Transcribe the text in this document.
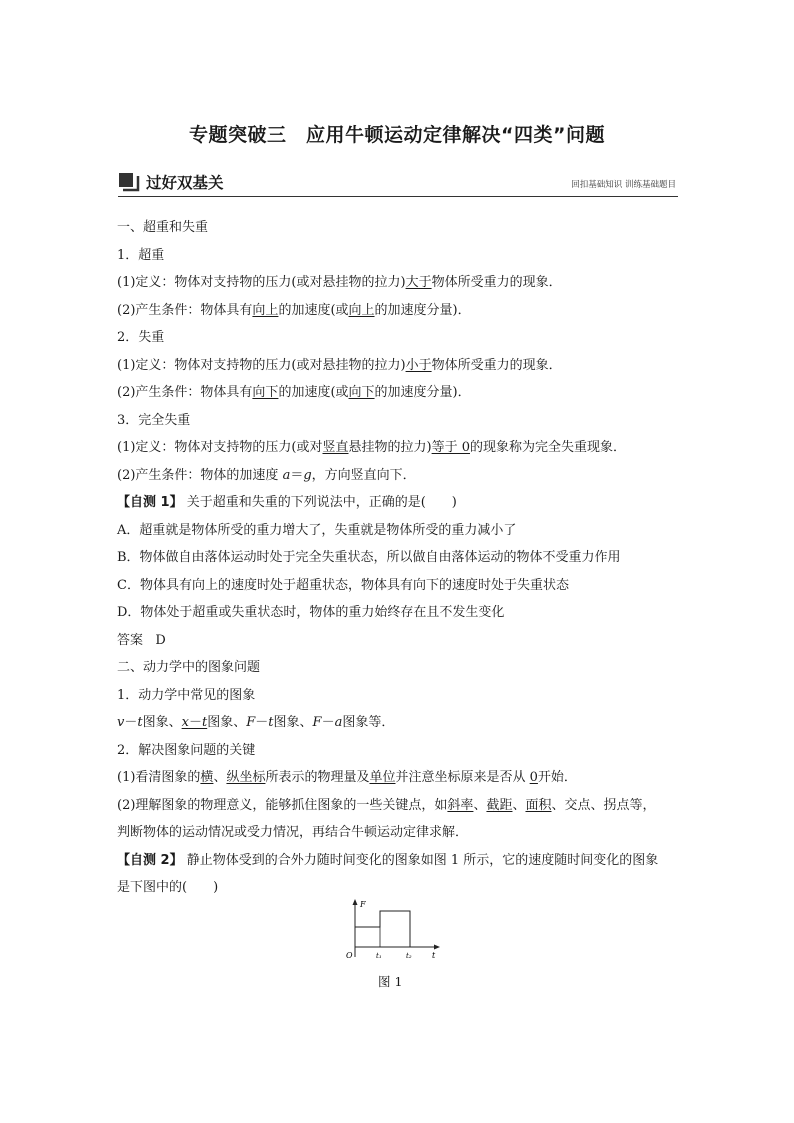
专题突破三　应用牛顿运动定律解决“四类”问题
过好双基关	回扣基础知识 训练基础题目
一、超重和失重
1．超重
(1)定义：物体对支持物的压力(或对悬挂物的拉力)大于物体所受重力的现象．
(2)产生条件：物体具有向上的加速度(或向上的加速度分量)．
2．失重
(1)定义：物体对支持物的压力(或对悬挂物的拉力)小于物体所受重力的现象．
(2)产生条件：物体具有向下的加速度(或向下的加速度分量)．
3．完全失重
(1)定义：物体对支持物的压力(或对竖直悬挂物的拉力)等于 0的现象称为完全失重现象．
(2)产生条件：物体的加速度 a＝g，方向竖直向下．
【自测 1】 关于超重和失重的下列说法中，正确的是(　　)
A．超重就是物体所受的重力增大了，失重就是物体所受的重力减小了
B．物体做自由落体运动时处于完全失重状态，所以做自由落体运动的物体不受重力作用
C．物体具有向上的速度时处于超重状态，物体具有向下的速度时处于失重状态
D．物体处于超重或失重状态时，物体的重力始终存在且不发生变化
答案 D
二、动力学中的图象问题
1．动力学中常见的图象
v－t图象、x－t图象、F－t图象、F－a图象等．
2．解决图象问题的关键
(1)看清图象的横、纵坐标所表示的物理量及单位并注意坐标原来是否从 0开始．
(2)理解图象的物理意义，能够抓住图象的一些关键点，如斜率、截距、面积、交点、拐点等，
判断物体的运动情况或受力情况，再结合牛顿运动定律求解．
【自测 2】 静止物体受到的合外力随时间变化的图象如图 1 所示，它的速度随时间变化的图象
是下图中的(　　)
F
t
O	t₁	t₂
图 1
